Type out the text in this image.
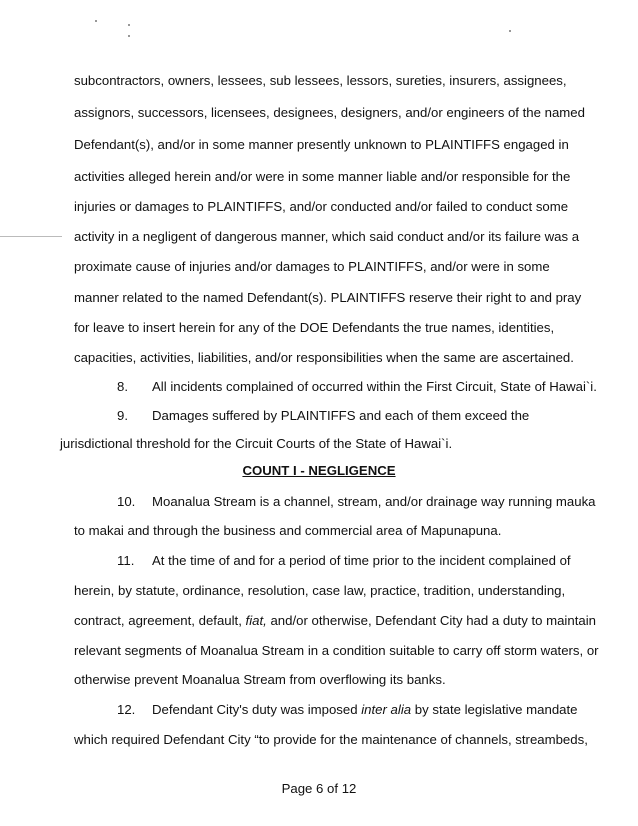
subcontractors, owners, lessees, sub lessees, lessors, sureties, insurers, assignees,
assignors, successors, licensees, designees, designers, and/or engineers of the named
Defendant(s), and/or in some manner presently unknown to PLAINTIFFS engaged in
activities alleged herein and/or were in some manner liable and/or responsible for the
injuries or damages to PLAINTIFFS, and/or conducted and/or failed to conduct some
activity in a negligent of dangerous manner, which said conduct and/or its failure was a
proximate cause of injuries and/or damages to PLAINTIFFS, and/or were in some
manner related to the named Defendant(s). PLAINTIFFS reserve their right to and pray
for leave to insert herein for any of the DOE Defendants the true names, identities,
capacities, activities, liabilities, and/or responsibilities when the same are ascertained.
8. All incidents complained of occurred within the First Circuit, State of Hawai`i.
9. Damages suffered by PLAINTIFFS and each of them exceed the
jurisdictional threshold for the Circuit Courts of the State of Hawai`i.
COUNT I - NEGLIGENCE
10. Moanalua Stream is a channel, stream, and/or drainage way running mauka
to makai and through the business and commercial area of Mapunapuna.
11. At the time of and for a period of time prior to the incident complained of
herein, by statute, ordinance, resolution, case law, practice, tradition, understanding,
contract, agreement, default, fiat, and/or otherwise, Defendant City had a duty to maintain
relevant segments of Moanalua Stream in a condition suitable to carry off storm waters, or
otherwise prevent Moanalua Stream from overflowing its banks.
12. Defendant City's duty was imposed inter alia by state legislative mandate
which required Defendant City “to provide for the maintenance of channels, streambeds,
Page 6 of 12
